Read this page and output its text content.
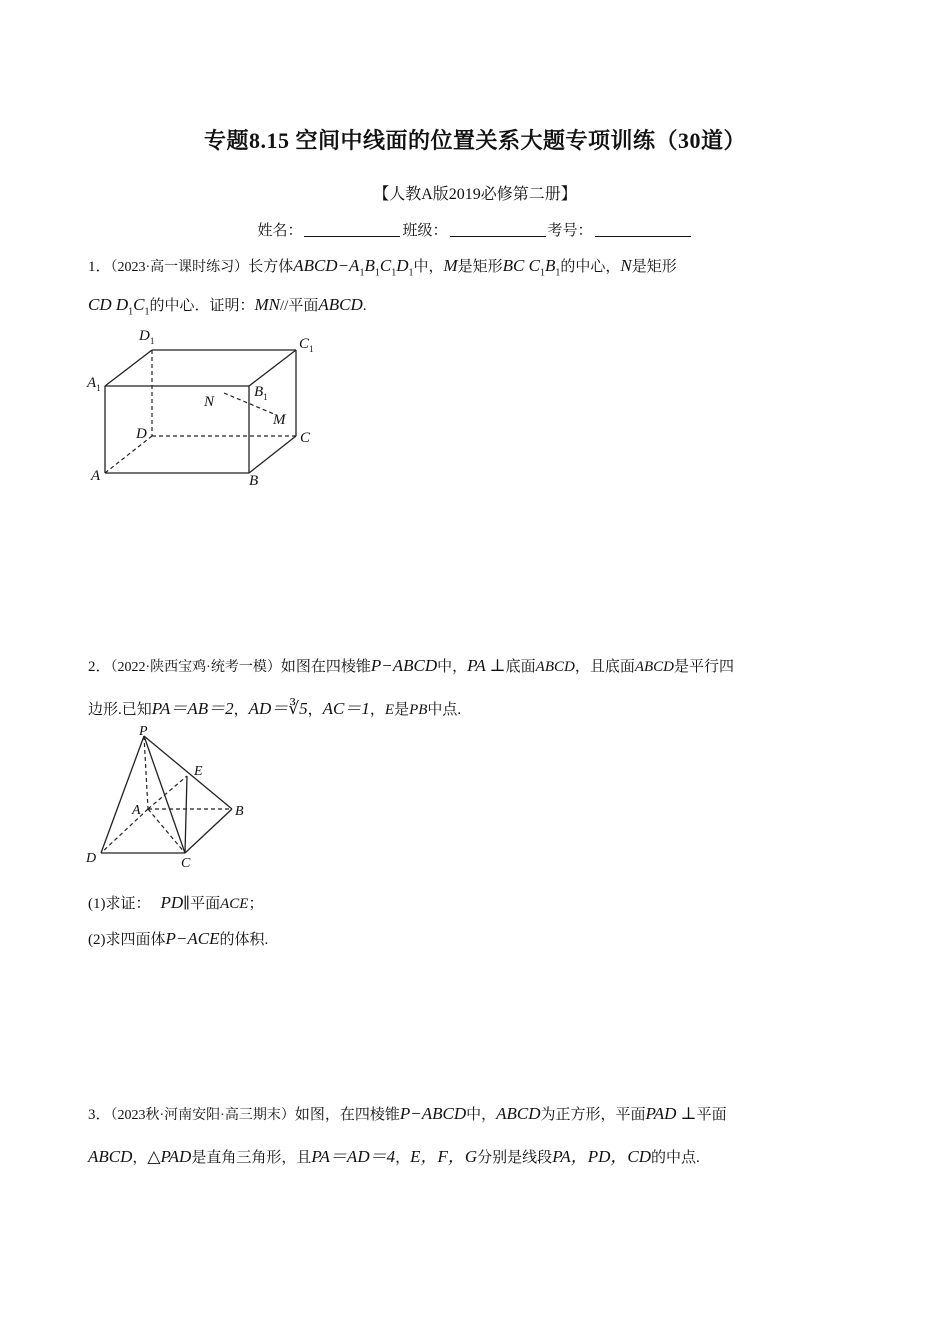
专题8.15 空间中线面的位置关系大题专项训练（30道）
【人教A版2019必修第二册】
姓名：	班级：	考号：
1．（2023·高一课时练习）长方体$ABCD-A_1B_1C_1D_1$中，M是矩形BC $C_1B_1$的中心，N是矩形
CD $D_1C_1$的中心．证明：MN//平面ABCD.
$D_1$	$C_1$
$A_1$	$B_1$
N
M
D	C
A	B
2．（2022·陕西宝鸡·统考一模）如图在四棱锥P−ABCD中，PA ⊥底面ABCD，且底面ABCD是平行四
边形.已知PA＝AB＝2，AD＝∛5，AC＝1，E是PB中点.
P
E
A	B
D	C
(1)求证： PD∥平面ACE；
(2)求四面体P−ACE的体积.
3．（2023秋·河南安阳·高三期末）如图，在四棱锥P−ABCD中，ABCD为正方形，平面PAD ⊥平面
ABCD，△PAD是直角三角形，且PA＝AD＝4，E，F，G分别是线段PA，PD，CD的中点.
